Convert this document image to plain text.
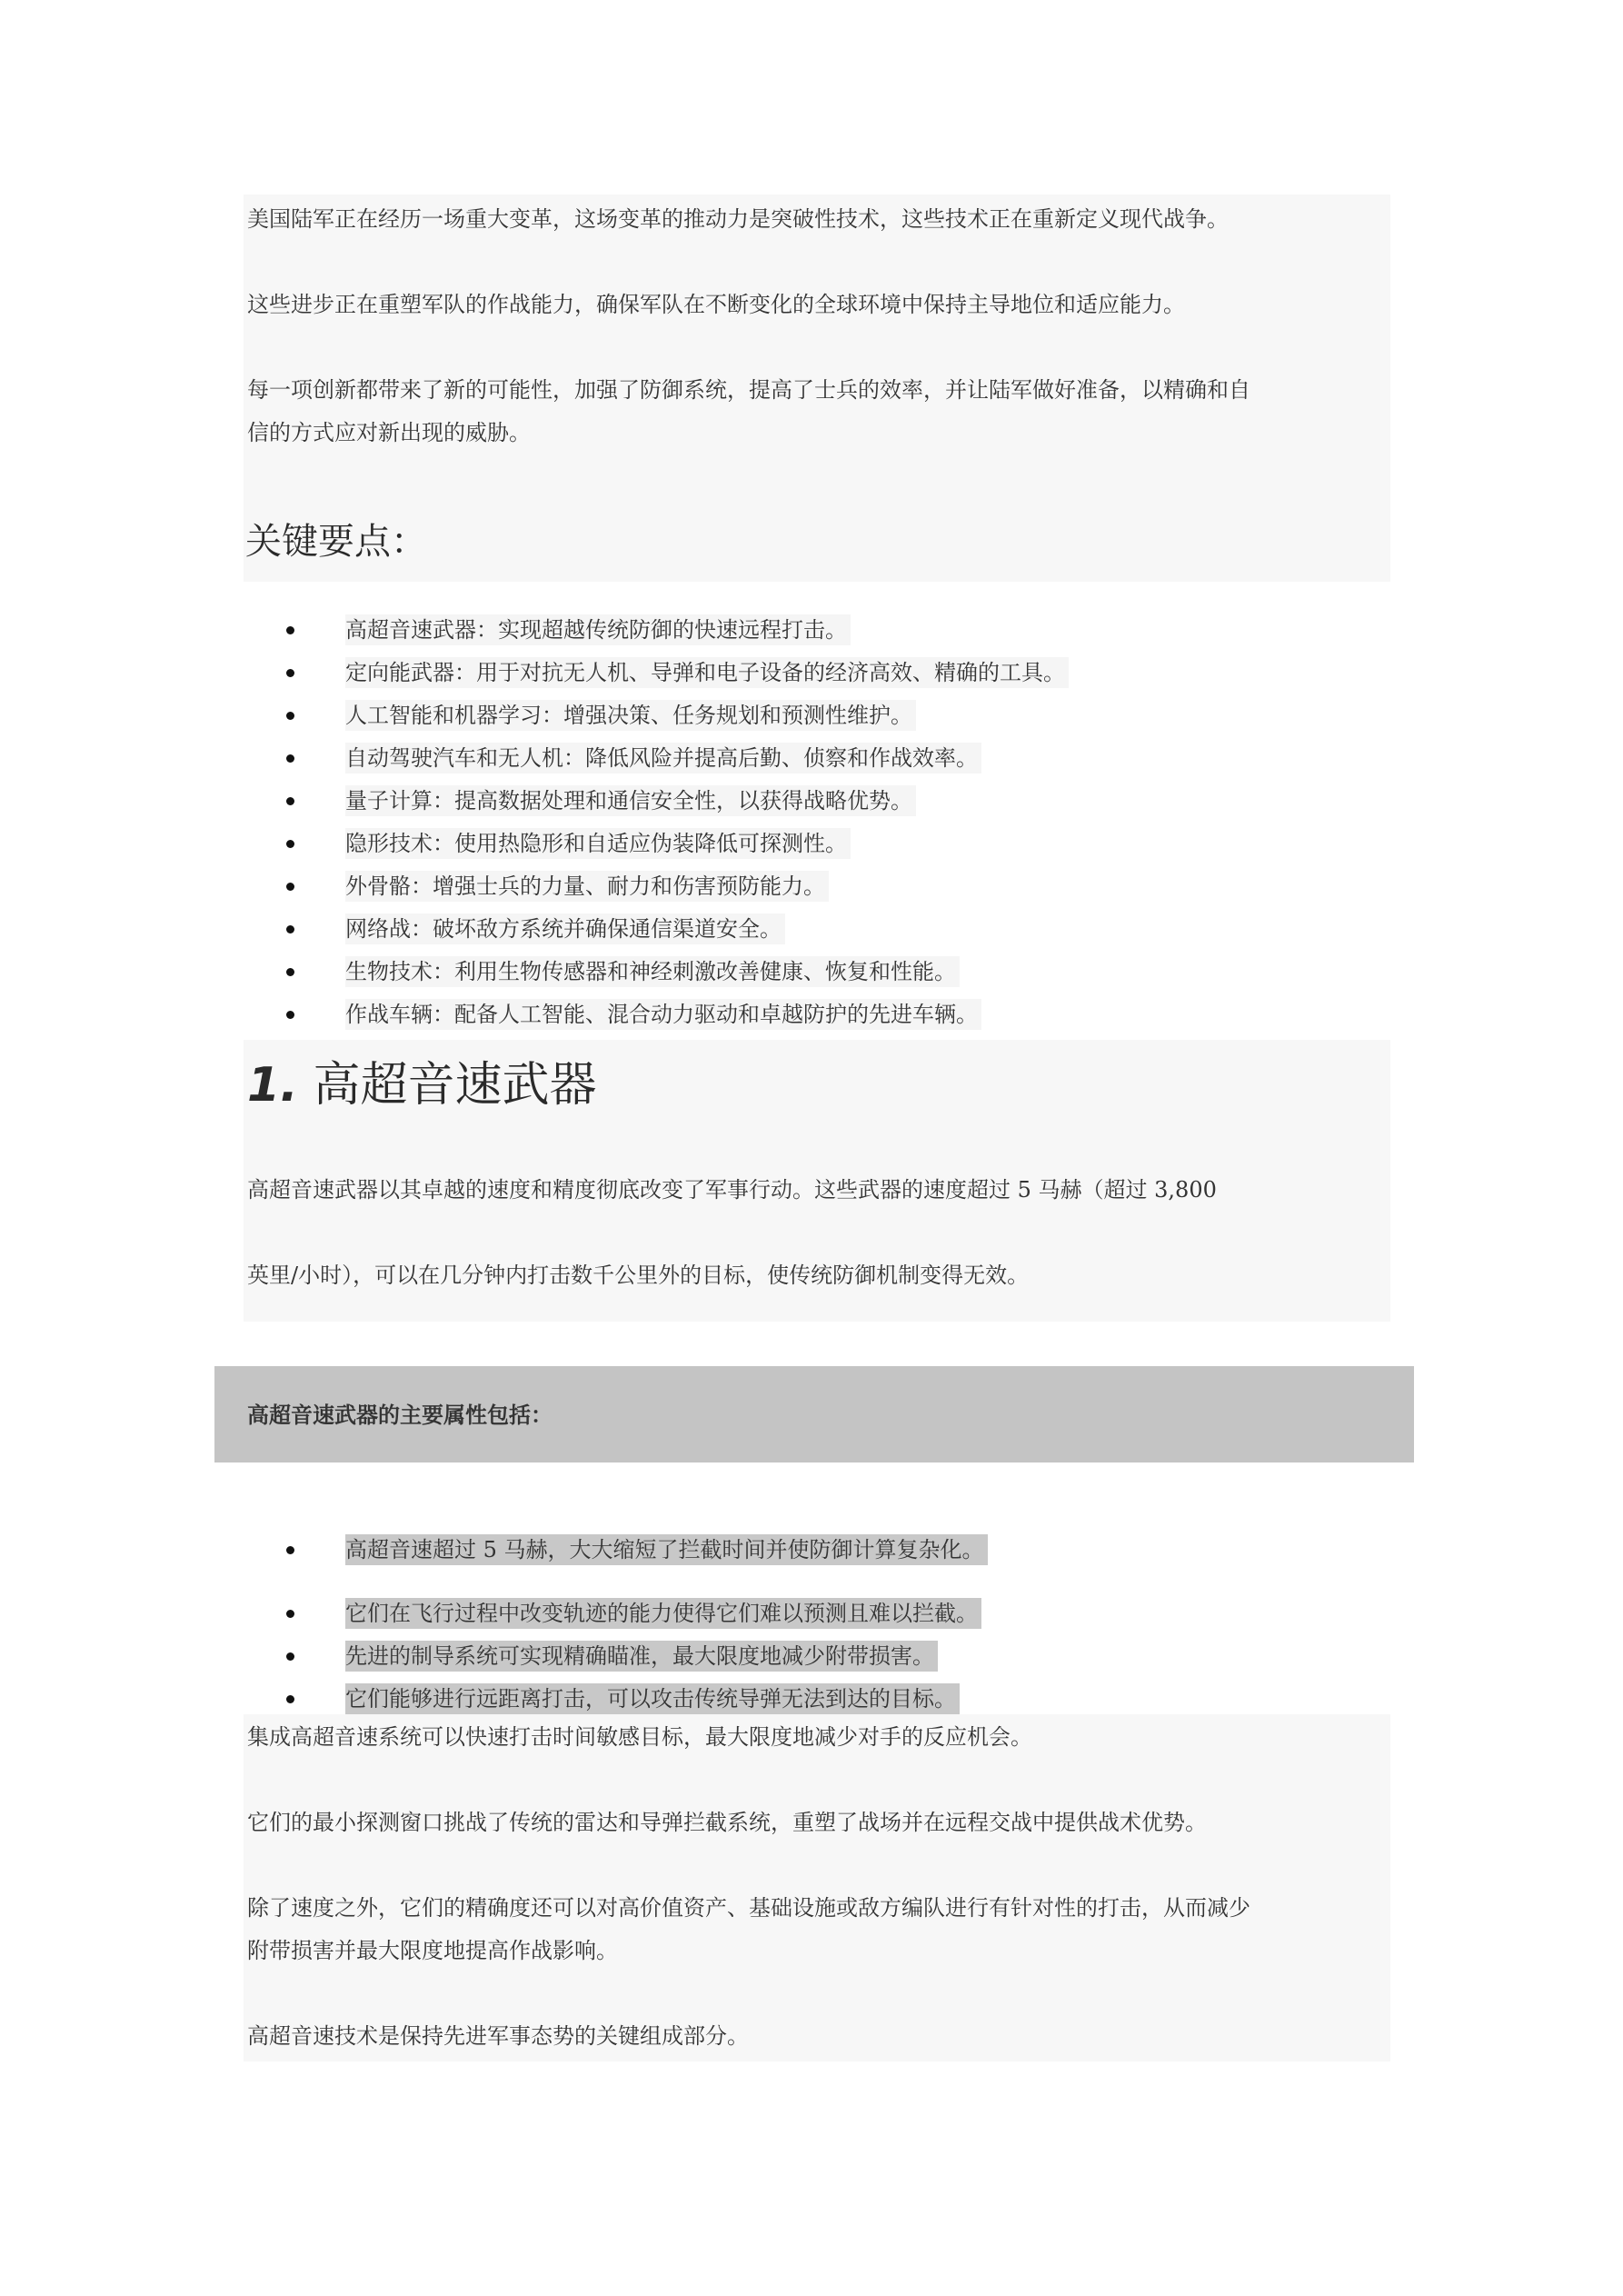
美国陆军正在经历一场重大变革，这场变革的推动力是突破性技术，这些技术正在重新定义现代战争。

这些进步正在重塑军队的作战能力，确保军队在不断变化的全球环境中保持主导地位和适应能力。

每一项创新都带来了新的可能性，加强了防御系统，提高了士兵的效率，并让陆军做好准备，以精确和自

信的方式应对新出现的威胁。

关键要点：
高超音速武器：实现超越传统防御的快速远程打击。
定向能武器：用于对抗无人机、导弹和电子设备的经济高效、精确的工具。
人工智能和机器学习：增强决策、任务规划和预测性维护。
自动驾驶汽车和无人机：降低风险并提高后勤、侦察和作战效率。
量子计算：提高数据处理和通信安全性，以获得战略优势。
隐形技术：使用热隐形和自适应伪装降低可探测性。
外骨骼：增强士兵的力量、耐力和伤害预防能力。
网络战：破坏敌方系统并确保通信渠道安全。
生物技术：利用生物传感器和神经刺激改善健康、恢复和性能。
作战车辆：配备人工智能、混合动力驱动和卓越防护的先进车辆。
1. 高超音速武器

高超音速武器以其卓越的速度和精度彻底改变了军事行动。这些武器的速度超过 5 马赫（超过 3,800

英里/小时），可以在几分钟内打击数千公里外的目标，使传统防御机制变得无效。

高超音速武器的主要属性包括：

高超音速超过 5 马赫，大大缩短了拦截时间并使防御计算复杂化。
它们在飞行过程中改变轨迹的能力使得它们难以预测且难以拦截。
先进的制导系统可实现精确瞄准，最大限度地减少附带损害。
它们能够进行远距离打击，可以攻击传统导弹无法到达的目标。

集成高超音速系统可以快速打击时间敏感目标，最大限度地减少对手的反应机会。

它们的最小探测窗口挑战了传统的雷达和导弹拦截系统，重塑了战场并在远程交战中提供战术优势。

除了速度之外，它们的精确度还可以对高价值资产、基础设施或敌方编队进行有针对性的打击，从而减少

附带损害并最大限度地提高作战影响。

高超音速技术是保持先进军事态势的关键组成部分。
